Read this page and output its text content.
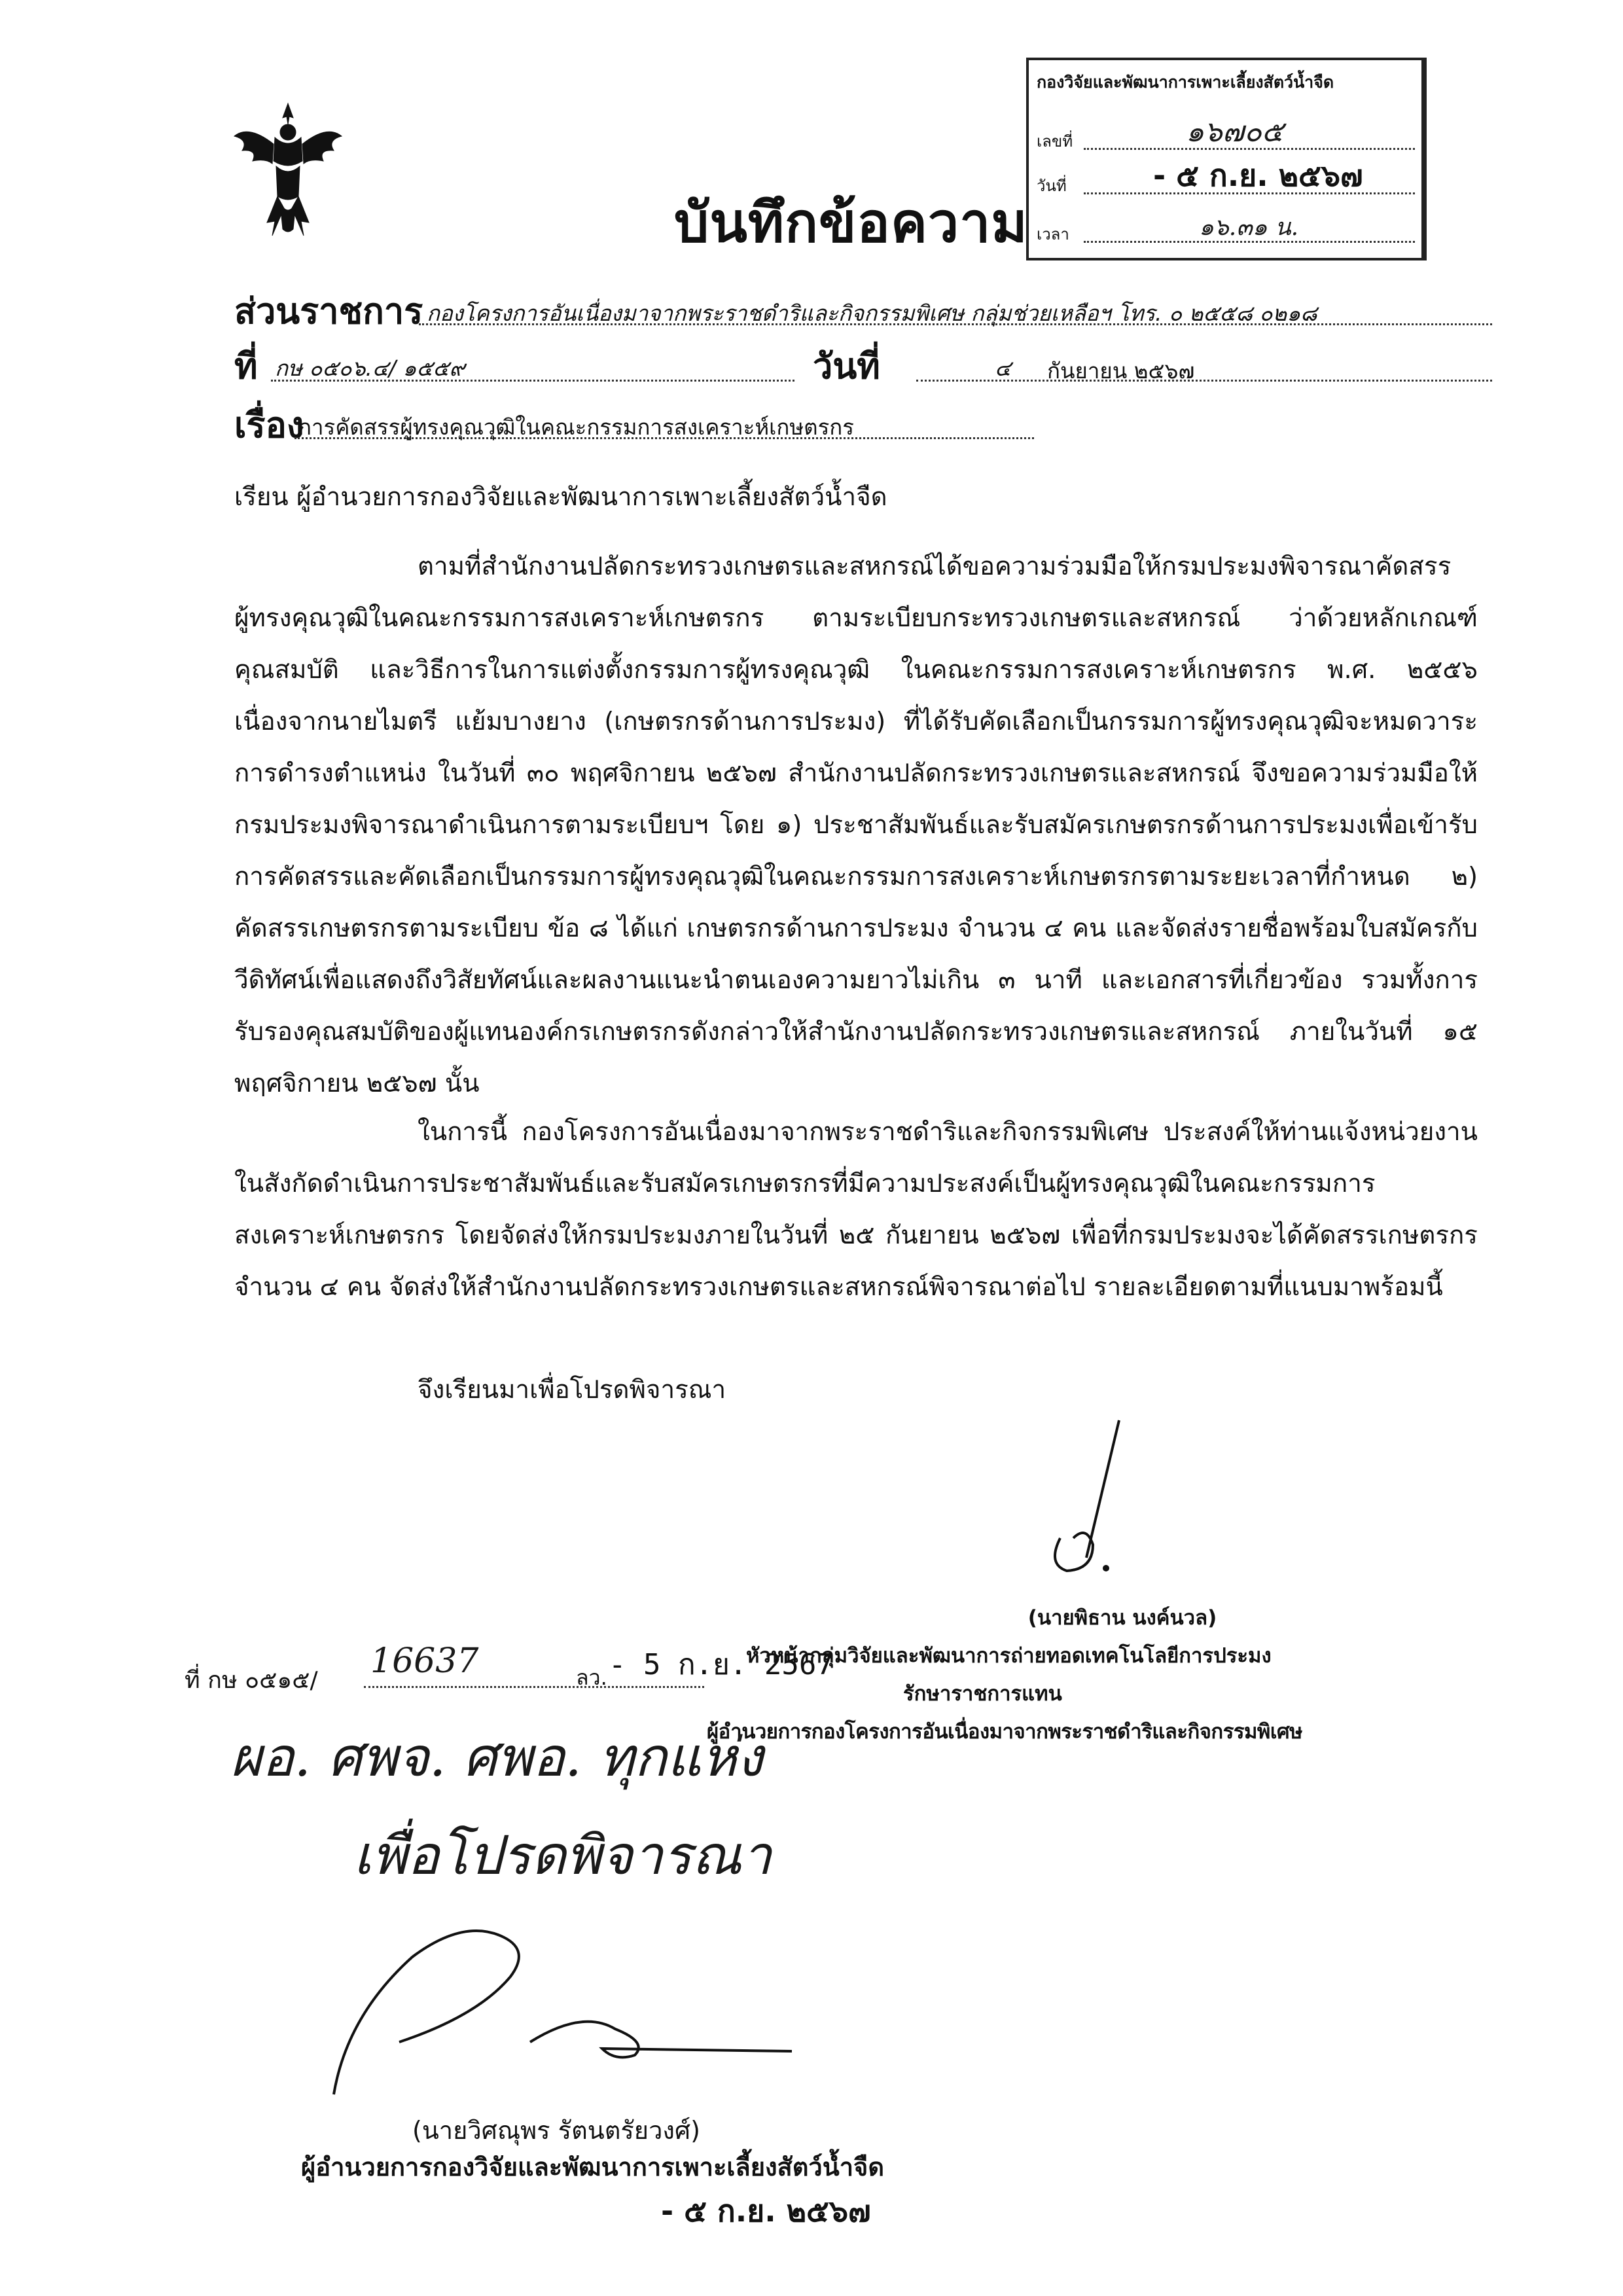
บันทึกข้อความ
กองวิจัยและพัฒนาการเพาะเลี้ยงสัตว์น้ำจืด
เลขที่	๑๖๗๐๕
วันที่	- ๕ ก.ย. ๒๕๖๗
เวลา	๑๖.๓๑ น.
ส่วนราชการ กองโครงการอันเนื่องมาจากพระราชดำริและกิจกรรมพิเศษ กลุ่มช่วยเหลือฯ โทร. ๐ ๒๕๕๘ ๐๒๑๘
ที่ กษ ๐๕๐๖.๔/ ๑๕๕๙	วันที่	๔ กันยายน ๒๕๖๗
เรื่อง
การคัดสรรผู้ทรงคุณวุฒิในคณะกรรมการสงเคราะห์เกษตรกร
เรียน ผู้อำนวยการกองวิจัยและพัฒนาการเพาะเลี้ยงสัตว์น้ำจืด

ตามที่สำนักงานปลัดกระทรวงเกษตรและสหกรณ์ได้ขอความร่วมมือให้กรมประมงพิจารณาคัดสรรผู้ทรงคุณวุฒิในคณะกรรมการสงเคราะห์เกษตรกร ตามระเบียบกระทรวงเกษตรและสหกรณ์ ว่าด้วยหลักเกณฑ์คุณสมบัติ และวิธีการในการแต่งตั้งกรรมการผู้ทรงคุณวุฒิ ในคณะกรรมการสงเคราะห์เกษตรกร พ.ศ. ๒๕๕๖ เนื่องจากนายไมตรี แย้มบางยาง (เกษตรกรด้านการประมง) ที่ได้รับคัดเลือกเป็นกรรมการผู้ทรงคุณวุฒิจะหมดวาระการดำรงตำแหน่ง ในวันที่ ๓๐ พฤศจิกายน ๒๕๖๗ สำนักงานปลัดกระทรวงเกษตรและสหกรณ์ จึงขอความร่วมมือให้กรมประมงพิจารณาดำเนินการตามระเบียบฯ โดย ๑) ประชาสัมพันธ์และรับสมัครเกษตรกรด้านการประมงเพื่อเข้ารับการคัดสรรและคัดเลือกเป็นกรรมการผู้ทรงคุณวุฒิในคณะกรรมการสงเคราะห์เกษตรกรตามระยะเวลาที่กำหนด ๒) คัดสรรเกษตรกรตามระเบียบ ข้อ ๘ ได้แก่ เกษตรกรด้านการประมง จำนวน ๔ คน และจัดส่งรายชื่อพร้อมใบสมัครกับวีดิทัศน์เพื่อแสดงถึงวิสัยทัศน์และผลงานแนะนำตนเองความยาวไม่เกิน ๓ นาที และเอกสารที่เกี่ยวข้อง รวมทั้งการรับรองคุณสมบัติของผู้แทนองค์กรเกษตรกรดังกล่าวให้สำนักงานปลัดกระทรวงเกษตรและสหกรณ์ ภายในวันที่ ๑๕ พฤศจิกายน ๒๕๖๗ นั้น

ในการนี้ กองโครงการอันเนื่องมาจากพระราชดำริและกิจกรรมพิเศษ ประสงค์ให้ท่านแจ้งหน่วยงานในสังกัดดำเนินการประชาสัมพันธ์และรับสมัครเกษตรกรที่มีความประสงค์เป็นผู้ทรงคุณวุฒิในคณะกรรมการสงเคราะห์เกษตรกร โดยจัดส่งให้กรมประมงภายในวันที่ ๒๕ กันยายน ๒๕๖๗ เพื่อที่กรมประมงจะได้คัดสรรเกษตรกร จำนวน ๔ คน จัดส่งให้สำนักงานปลัดกระทรวงเกษตรและสหกรณ์พิจารณาต่อไป รายละเอียดตามที่แนบมาพร้อมนี้

จึงเรียนมาเพื่อโปรดพิจารณา

(นายพิธาน นงค์นวล)
หัวหน้ากลุ่มวิจัยและพัฒนาการถ่ายทอดเทคโนโลยีการประมง
รักษาราชการแทน
ผู้อำนวยการกองโครงการอันเนื่องมาจากพระราชดำริและกิจกรรมพิเศษ
ที่ กษ ๐๕๑๕/ 16637	ลว. - 5 ก.ย. 2567
ผอ. ศพจ. ศพอ. ทุกแห่ง
เพื่อโปรดพิจารณา
(นายวิศณุพร รัตนตรัยวงศ์)
ผู้อำนวยการกองวิจัยและพัฒนาการเพาะเลี้ยงสัตว์น้ำจืด
- ๕ ก.ย. ๒๕๖๗
